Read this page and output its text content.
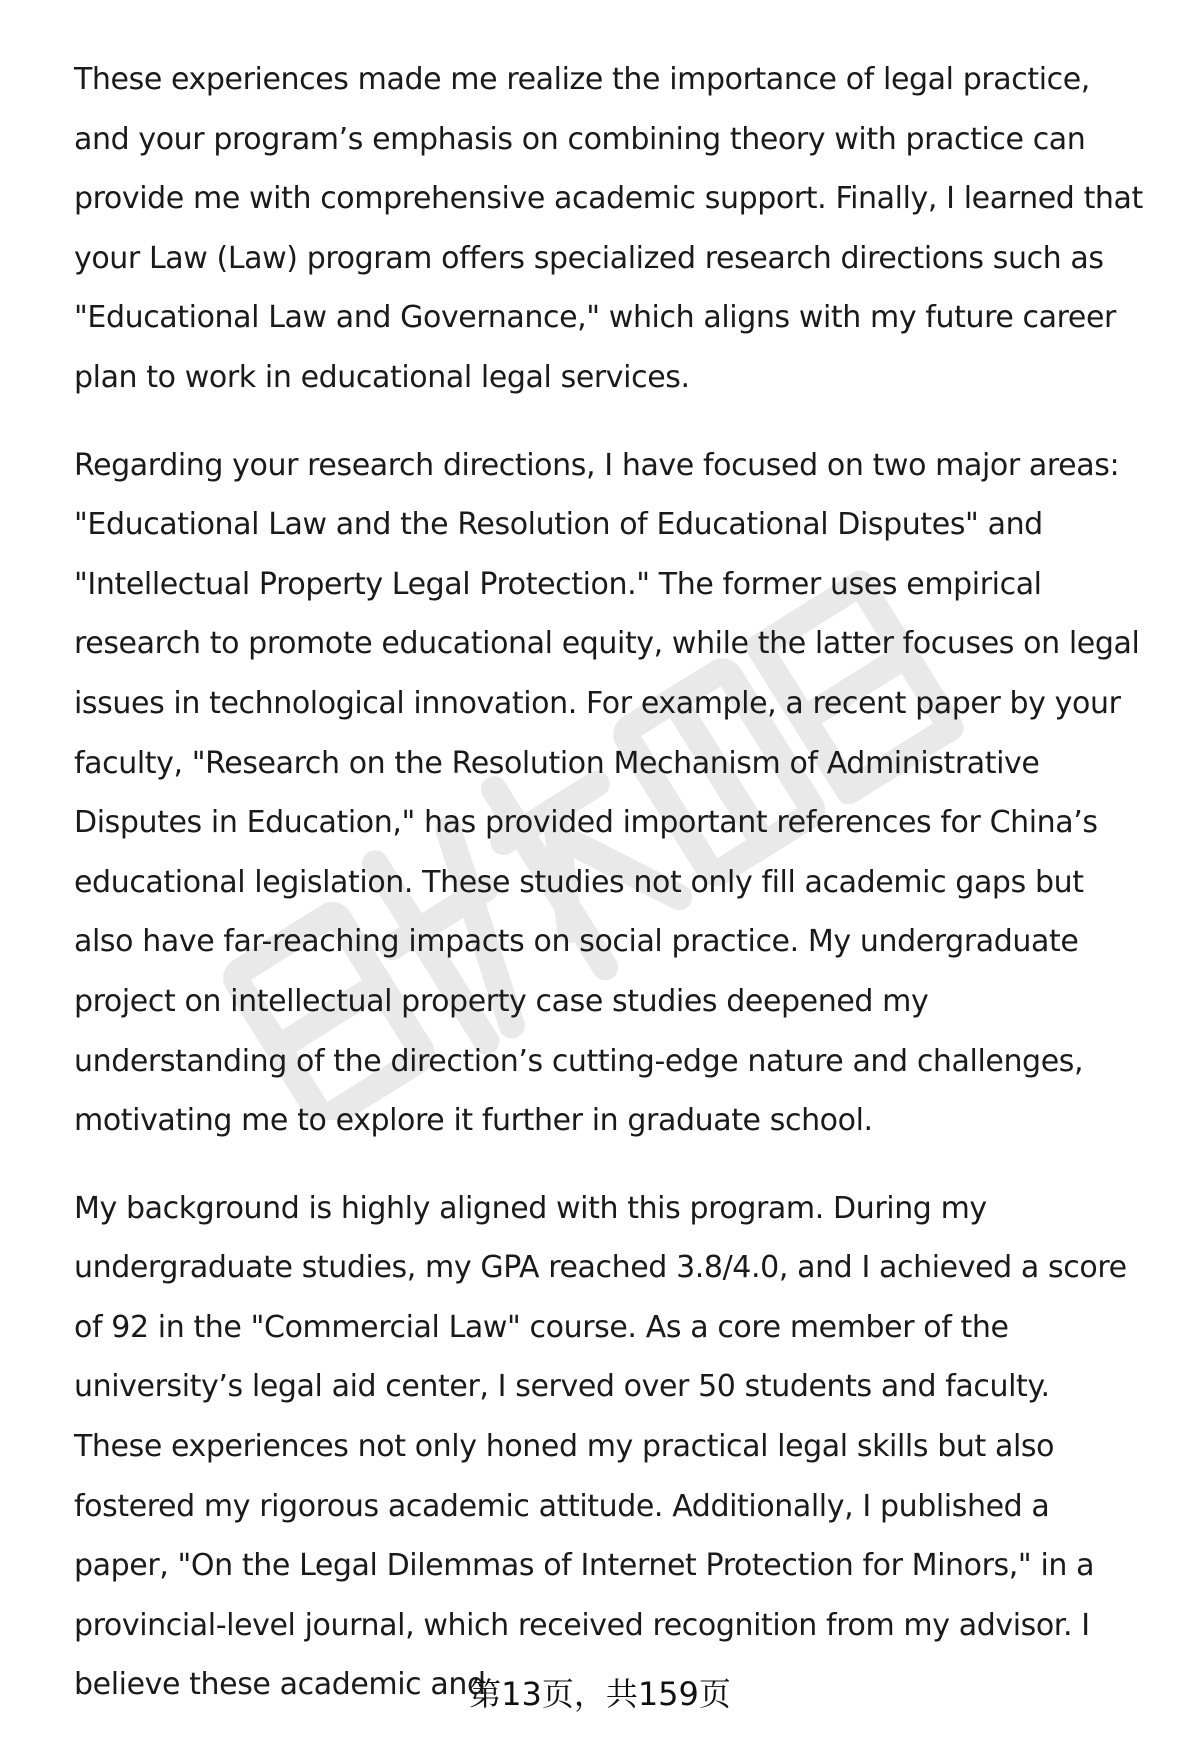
These experiences made me realize the importance of legal practice, and your program’s emphasis on combining theory with practice can provide me with comprehensive academic support. Finally, I learned that your Law (Law) program offers specialized research directions such as "Educational Law and Governance," which aligns with my future career plan to work in educational legal services.

Regarding your research directions, I have focused on two major areas: "Educational Law and the Resolution of Educational Disputes" and "Intellectual Property Legal Protection." The former uses empirical research to promote educational equity, while the latter focuses on legal issues in technological innovation. For example, a recent paper by your faculty, "Research on the Resolution Mechanism of Administrative Disputes in Education," has provided important references for China’s educational legislation. These studies not only fill academic gaps but also have far-reaching impacts on social practice. My undergraduate project on intellectual property case studies deepened my understanding of the direction’s cutting-edge nature and challenges, motivating me to explore it further in graduate school.

My background is highly aligned with this program. During my undergraduate studies, my GPA reached 3.8/4.0, and I achieved a score of 92 in the "Commercial Law" course. As a core member of the university’s legal aid center, I served over 50 students and faculty. These experiences not only honed my practical legal skills but also fostered my rigorous academic attitude. Additionally, I published a paper, "On the Legal Dilemmas of Internet Protection for Minors," in a provincial-level journal, which received recognition from my advisor. I believe these academic and

第13页，共159页
